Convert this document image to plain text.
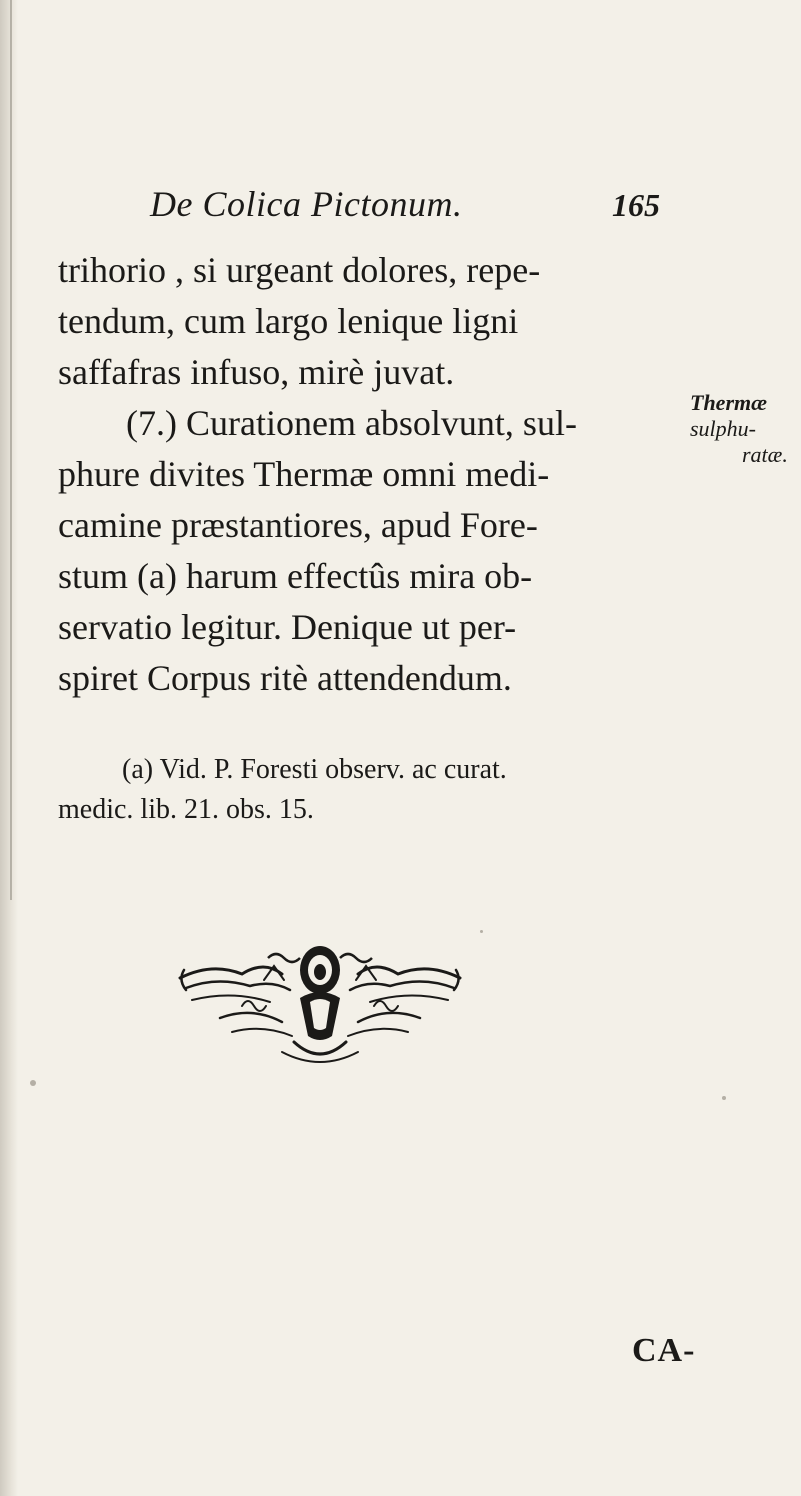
De Colica Pictonum.	165
trihorio , si urgeant dolores, repe-
tendum, cum largo lenique ligni
saffafras infuso, mirè juvat.
(7.) Curationem absolvunt, sul-
phure divites Thermæ omni medi-
camine præstantiores, apud Fore-
stum (a) harum effectûs mira ob-
servatio legitur. Denique ut per-
spiret Corpus ritè attendendum.
Thermæ
sulphu-
ratæ.
(a) Vid. P. Foresti observ. ac curat.
medic. lib. 21. obs. 15.
CA-
